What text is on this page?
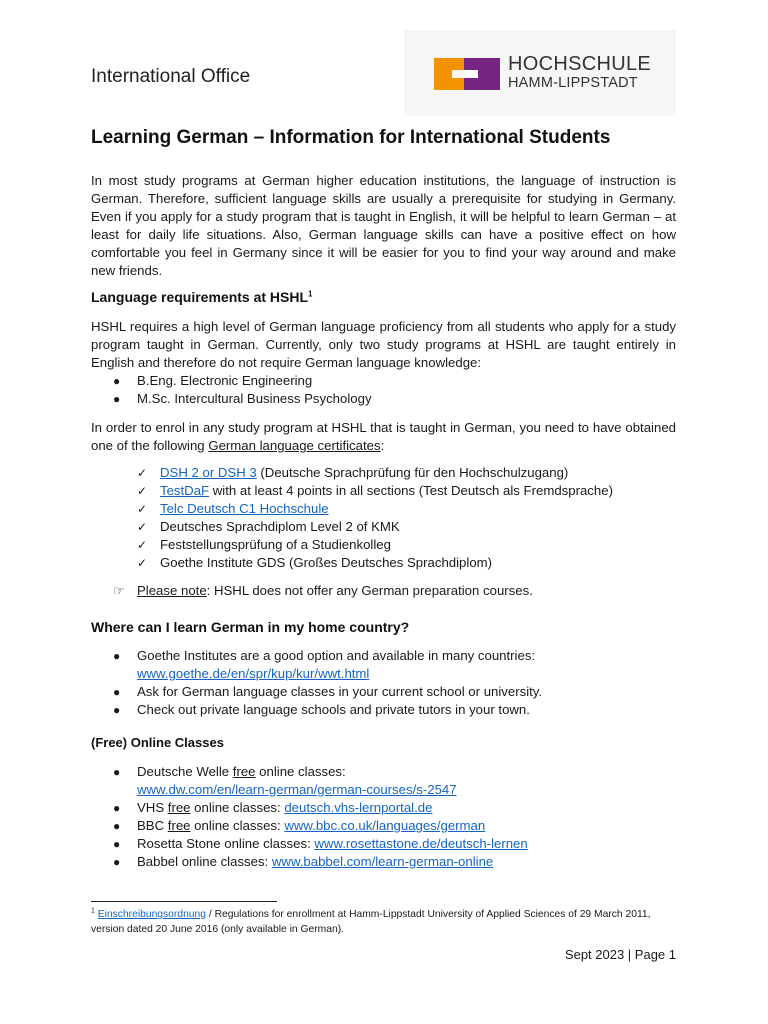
International Office
HOCHSCHULE
HAMM-LIPPSTADT
Learning German – Information for International Students

In most study programs at German higher education institutions, the language of instruction is German. Therefore, sufficient language skills are usually a prerequisite for studying in Germany. Even if you apply for a study program that is taught in English, it will be helpful to learn German – at least for daily life situations. Also, German language skills can have a positive effect on how comfortable you feel in Germany since it will be easier for you to find your way around and make new friends.

Language requirements at HSHL$^1$

HSHL requires a high level of German language proficiency from all students who apply for a study program taught in German. Currently, only two study programs at HSHL are taught entirely in English and therefore do not require German language knowledge:

● B.Eng. Electronic Engineering
● M.Sc. Intercultural Business Psychology

In order to enrol in any study program at HSHL that is taught in German, you need to have obtained one of the following German language certificates:

✓ DSH 2 or DSH 3 (Deutsche Sprachprüfung für den Hochschulzugang)
✓ TestDaF with at least 4 points in all sections (Test Deutsch als Fremdsprache)
✓ Telc Deutsch C1 Hochschule
✓ Deutsches Sprachdiplom Level 2 of KMK
✓ Feststellungsprüfung of a Studienkolleg
✓ Goethe Institute GDS (Großes Deutsches Sprachdiplom)
☞ Please note: HSHL does not offer any German preparation courses.
Where can I learn German in my home country?
● Goethe Institutes are a good option and available in many countries:
www.goethe.de/en/spr/kup/kur/wwt.html
● Ask for German language classes in your current school or university.
● Check out private language schools and private tutors in your town.
(Free) Online Classes
● Deutsche Welle free online classes:
www.dw.com/en/learn-german/german-courses/s-2547
● VHS free online classes: deutsch.vhs-lernportal.de
● BBC free online classes: www.bbc.co.uk/languages/german
● Rosetta Stone online classes: www.rosettastone.de/deutsch-lernen
● Babbel online classes: www.babbel.com/learn-german-online

$^1$ Einschreibungsordnung / Regulations for enrollment at Hamm-Lippstadt University of Applied Sciences of 29 March 2011, version dated 20 June 2016 (only available in German).

Sept 2023 | Page 1
